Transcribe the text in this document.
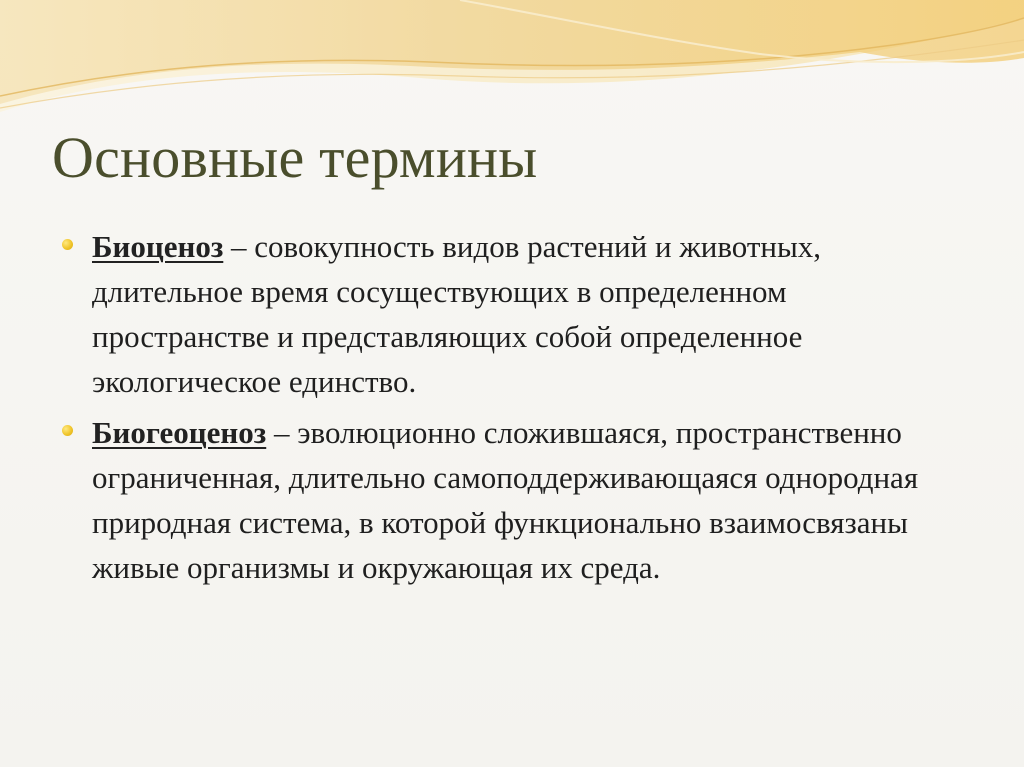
Основные термины
Биоценоз – совокупность видов растений и животных, длительное время сосуществующих в определенном пространстве и представляющих собой определенное экологическое единство.
Биогеоценоз – эволюционно сложившаяся, пространственно ограниченная, длительно самоподдерживающаяся однородная природная система, в которой функционально взаимосвязаны живые организмы и окружающая их среда.
